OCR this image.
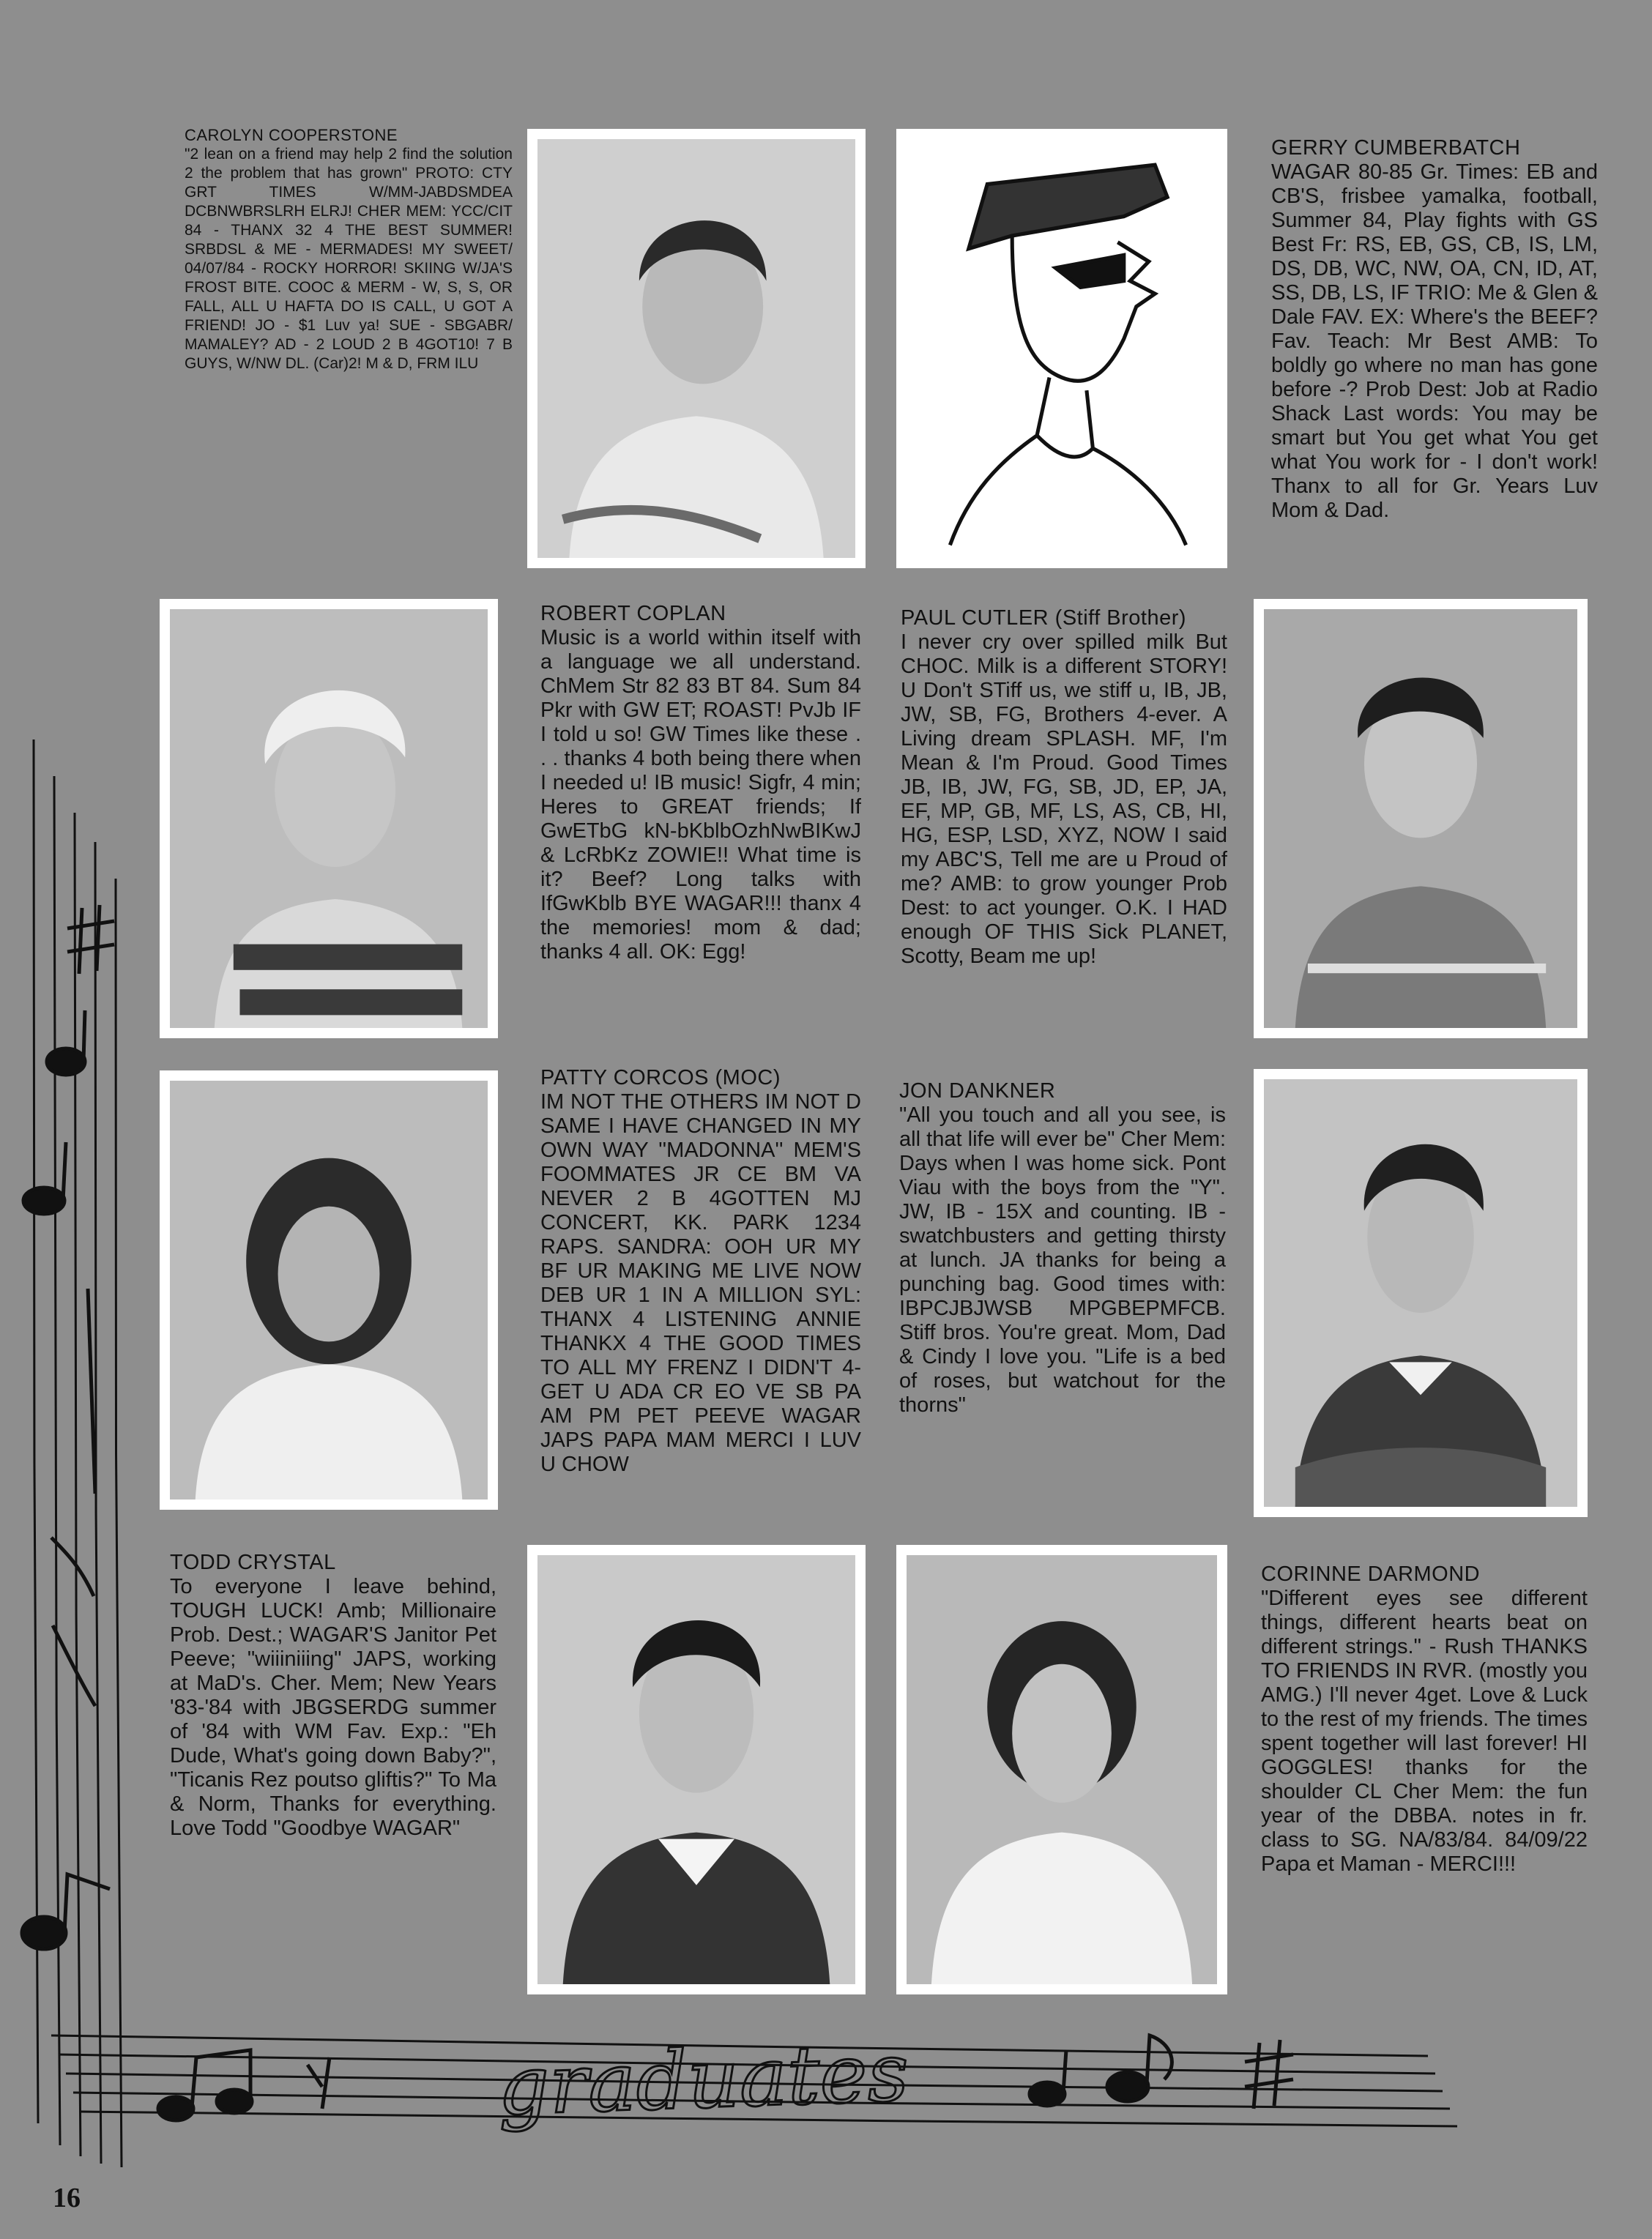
graduates
CAROLYN COOPERSTONE
"2 lean on a friend may help 2 find the solution 2 the problem that has grown" PROTO: CTY GRT TIMES W/MM-JABDSMDEA DCBNWBRSLRH ELRJ! CHER MEM: YCC/CIT 84 - THANX 32 4 THE BEST SUMMER! SRBDSL & ME - MERMADES! MY SWEET/ 04/07/84 - ROCKY HORROR! SKIING W/JA'S FROST BITE. COOC & MERM - W, S, S, OR FALL, ALL U HAFTA DO IS CALL, U GOT A FRIEND! JO - $1 Luv ya! SUE - SBGABR/ MAMALEY? AD - 2 LOUD 2 B 4GOT10! 7 B GUYS, W/NW DL. (Car)2! M & D, FRM ILU
GERRY CUMBERBATCH
WAGAR 80-85 Gr. Times: EB and CB'S, frisbee yamalka, football, Summer 84, Play fights with GS Best Fr: RS, EB, GS, CB, IS, LM, DS, DB, WC, NW, OA, CN, ID, AT, SS, DB, LS, IF TRIO: Me & Glen & Dale FAV. EX: Where's the BEEF? Fav. Teach: Mr Best AMB: To boldly go where no man has gone before -? Prob Dest: Job at Radio Shack Last words: You may be smart but You get what You get what You work for - I don't work! Thanx to all for Gr. Years Luv Mom & Dad.
ROBERT COPLAN
Music is a world within itself with a language we all understand. ChMem Str 82 83 BT 84. Sum 84 Pkr with GW ET; ROAST! PvJb IF I told u so! GW Times like these . . . thanks 4 both being there when I needed u! IB music! Sigfr, 4 min; Heres to GREAT friends; If GwETbG kN-bKblbOzhNwBIKwJ & LcRbKz ZOWIE!! What time is it? Beef? Long talks with IfGwKblb BYE WAGAR!!! thanx 4 the memories! mom & dad; thanks 4 all. OK: Egg!
PAUL CUTLER (Stiff Brother)
I never cry over spilled milk But CHOC. Milk is a different STORY! U Don't STiff us, we stiff u, IB, JB, JW, SB, FG, Brothers 4-ever. A Living dream SPLASH. MF, I'm Mean & I'm Proud. Good Times JB, IB, JW, FG, SB, JD, EP, JA, EF, MP, GB, MF, LS, AS, CB, HI, HG, ESP, LSD, XYZ, NOW I said my ABC'S, Tell me are u Proud of me? AMB: to grow younger Prob Dest: to act younger. O.K. I HAD enough OF THIS Sick PLANET, Scotty, Beam me up!
PATTY CORCOS (MOC)
IM NOT THE OTHERS IM NOT D SAME I HAVE CHANGED IN MY OWN WAY ''MADONNA'' MEM'S FOOMMATES JR CE BM VA NEVER 2 B 4GOTTEN MJ CONCERT, KK. PARK 1234 RAPS. SANDRA: OOH UR MY BF UR MAKING ME LIVE NOW DEB UR 1 IN A MILLION SYL: THANX 4 LISTENING ANNIE THANKX 4 THE GOOD TIMES TO ALL MY FRENZ I DIDN'T 4-GET U ADA CR EO VE SB PA AM PM PET PEEVE WAGAR JAPS PAPA MAM MERCI I LUV U CHOW
JON DANKNER
"All you touch and all you see, is all that life will ever be" Cher Mem: Days when I was home sick. Pont Viau with the boys from the "Y". JW, IB - 15X and counting. IB - swatchbusters and getting thirsty at lunch. JA thanks for being a punching bag. Good times with: IBPCJBJWSB MPGBEPMFCB. Stiff bros. You're great. Mom, Dad & Cindy I love you. "Life is a bed of roses, but watchout for the thorns"
TODD CRYSTAL
To everyone I leave behind, TOUGH LUCK! Amb; Millionaire Prob. Dest.; WAGAR'S Janitor Pet Peeve; "wiiiniiing" JAPS, working at MaD's. Cher. Mem; New Years '83-'84 with JBGSERDG summer of '84 with WM Fav. Exp.: "Eh Dude, What's going down Baby?", "Ticanis Rez poutso gliftis?" To Ma & Norm, Thanks for everything. Love Todd "Goodbye WAGAR"
CORINNE DARMOND
"Different eyes see different things, different hearts beat on different strings." - Rush THANKS TO FRIENDS IN RVR. (mostly you AMG.) I'll never 4get. Love & Luck to the rest of my friends. The times spent together will last forever! HI GOGGLES! thanks for the shoulder CL Cher Mem: the fun year of the DBBA. notes in fr. class to SG. NA/83/84. 84/09/22 Papa et Maman - MERCI!!!
16
